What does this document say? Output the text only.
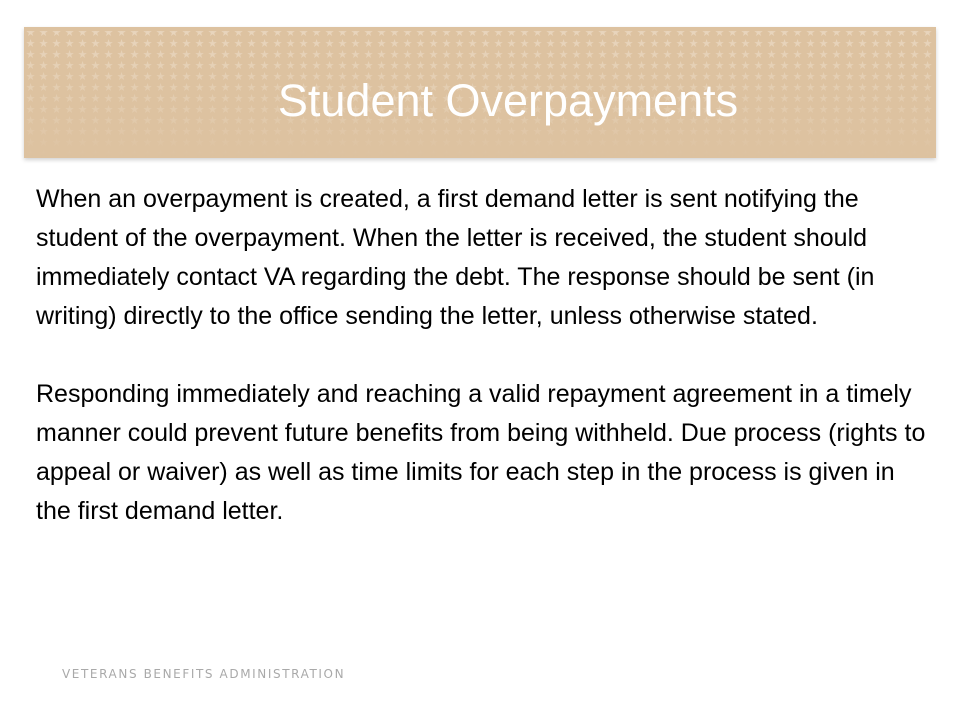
Student Overpayments

When an overpayment is created, a first demand letter is sent notifying the student of the overpayment. When the letter is received, the student should immediately contact VA regarding the debt. The response should be sent (in writing) directly to the office sending the letter, unless otherwise stated.

Responding immediately and reaching a valid repayment agreement in a timely manner could prevent future benefits from being withheld. Due process (rights to appeal or waiver) as well as time limits for each step in the process is given in the first demand letter.

VETERANS BENEFITS ADMINISTRATION
